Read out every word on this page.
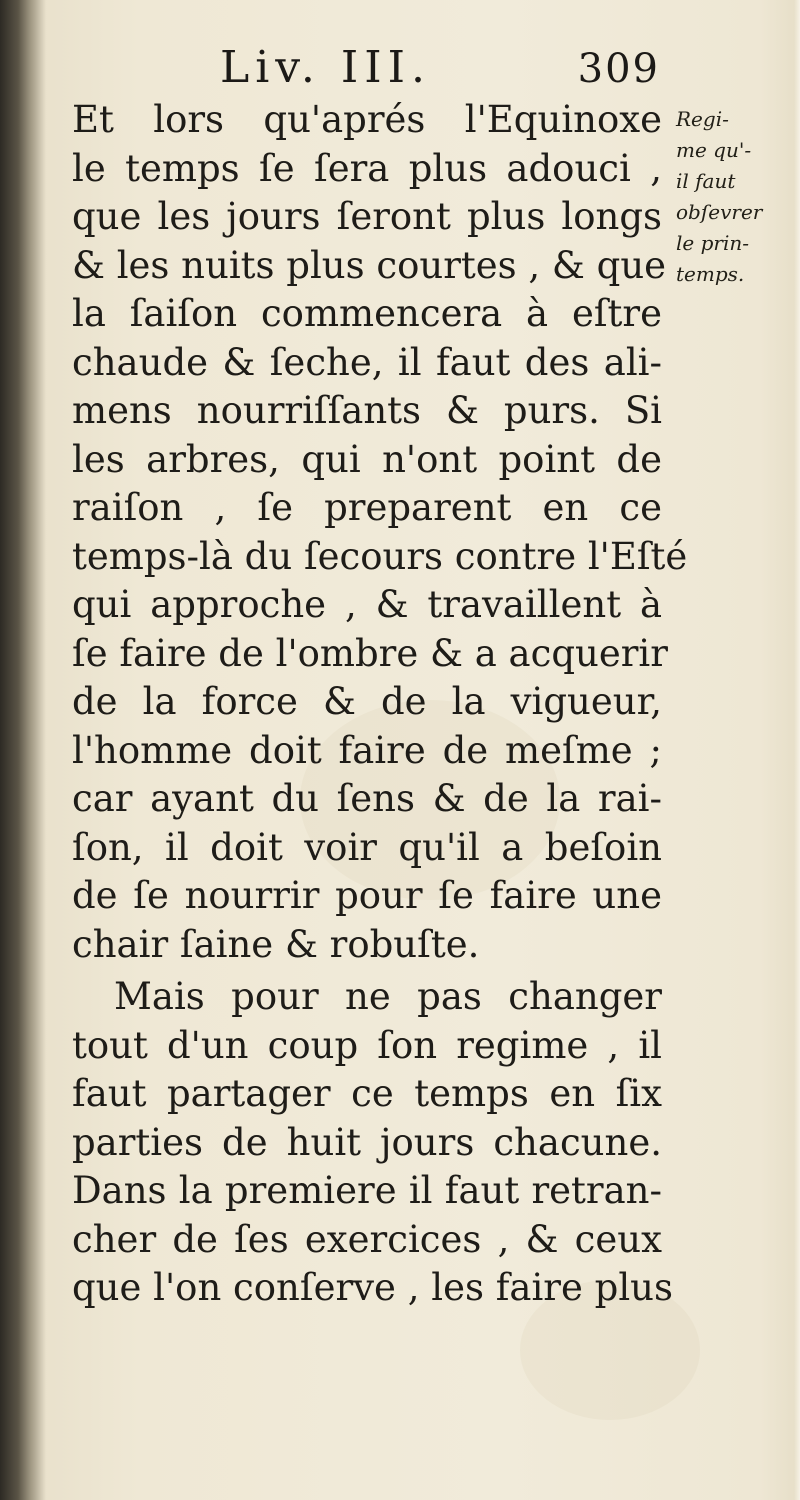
Liv. III.	309
Et lors qu'aprés l'Equinoxe
le temps ſe ſera plus adouci ,
que les jours ſeront plus longs
& les nuits plus courtes , & que
la ſaiſon commencera à eſtre
chaude & ſeche, il faut des ali-
mens nourriſſants & purs. Si
les arbres, qui n'ont point de
raiſon , ſe preparent en ce
temps-là du ſecours contre l'Eſté
qui approche , & travaillent à
ſe faire de l'ombre & a acquerir
de la force & de la vigueur,
l'homme doit faire de meſme ;
car ayant du ſens & de la rai-
ſon, il doit voir qu'il a beſoin
de ſe nourrir pour ſe faire une
chair ſaine & robuſte.
Mais pour ne pas changer
tout d'un coup ſon regime , il
faut partager ce temps en ſix
parties de huit jours chacune.
Dans la premiere il faut retran-
cher de ſes exercices , & ceux
que l'on conſerve , les faire plus
Regi-
me qu'-
il faut
obſevrer
le prin-
temps.
